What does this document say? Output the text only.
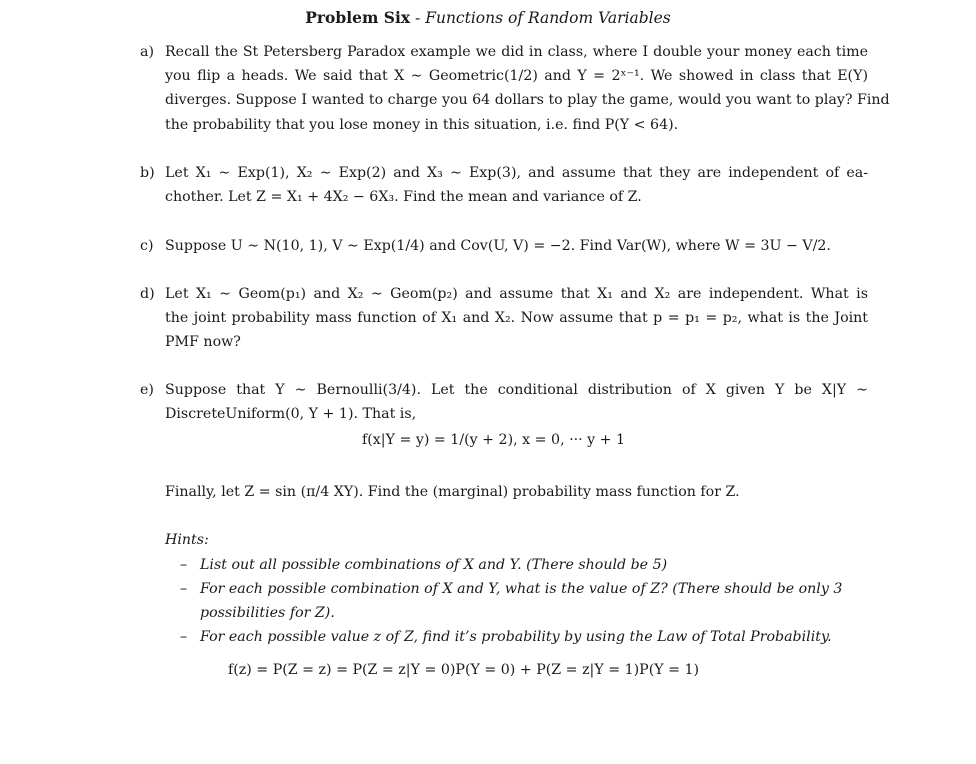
Problem Six - Functions of Random Variables
a) Recall the St Petersberg Paradox example we did in class, where I double your money each time
you flip a heads. We said that X ∼ Geometric(1/2) and Y = 2ˣ⁻¹. We showed in class that E(Y)
diverges. Suppose I wanted to charge you 64 dollars to play the game, would you want to play? Find
the probability that you lose money in this situation, i.e. find P(Y < 64).
b) Let X₁ ∼ Exp(1), X₂ ∼ Exp(2) and X₃ ∼ Exp(3), and assume that they are independent of ea-
chother. Let Z = X₁ + 4X₂ − 6X₃. Find the mean and variance of Z.
c) Suppose U ∼ N(10, 1), V ∼ Exp(1/4) and Cov(U, V) = −2. Find Var(W), where W = 3U − V/2.
d) Let X₁ ∼ Geom(p₁) and X₂ ∼ Geom(p₂) and assume that X₁ and X₂ are independent. What is
the joint probability mass function of X₁ and X₂. Now assume that p = p₁ = p₂, what is the Joint
PMF now?
e) Suppose that Y ∼ Bernoulli(3/4). Let the conditional distribution of X given Y be X|Y ∼
DiscreteUniform(0, Y + 1). That is,
f(x|Y = y) = 1/(y + 2), x = 0, ··· y + 1
Finally, let Z = sin (π/4 XY). Find the (marginal) probability mass function for Z.
Hints:
– List out all possible combinations of X and Y. (There should be 5)
– For each possible combination of X and Y, what is the value of Z? (There should be only 3 possibilities for Z).
– For each possible value z of Z, find it’s probability by using the Law of Total Probability.
f(z) = P(Z = z) = P(Z = z|Y = 0)P(Y = 0) + P(Z = z|Y = 1)P(Y = 1)
